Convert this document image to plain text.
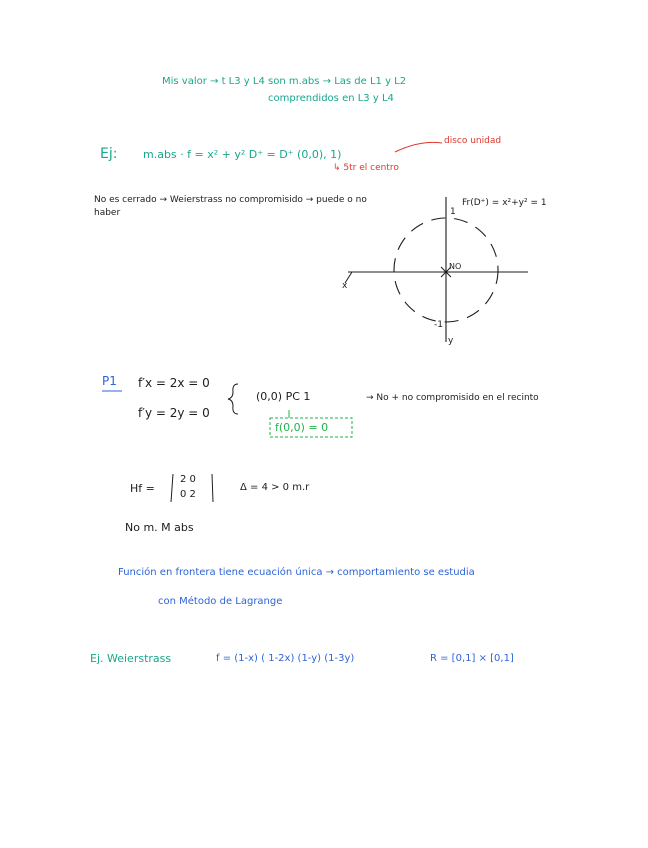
Mis valor → t L3 y L4 son m.abs → Las de L1 y L2
comprendidos en L3 y L4
Ej: m.abs · f = x² + y² D⁺ = D⁺ (0,0), 1)
disco unidad
↳ 5tr el centro
No es cerrado → Weierstrass no compromisido → puede o no
haber
Fr(D⁺) = x²+y² = 1
NO
x
y
1
-1
P1 f′x = 2x = 0
f′y = 2y = 0
(0,0) PC 1	→ No + no compromisido en el recinto
f(0,0) = 0
Hf =
2 0
0 2
Δ = 4 > 0 m.r
No m. M abs
Función en frontera tiene ecuación única → comportamiento se estudia
con Método de Lagrange
Ej. Weierstrass	f = (1-x) ( 1-2x) (1-y) (1-3y)	R = [0,1] × [0,1]
